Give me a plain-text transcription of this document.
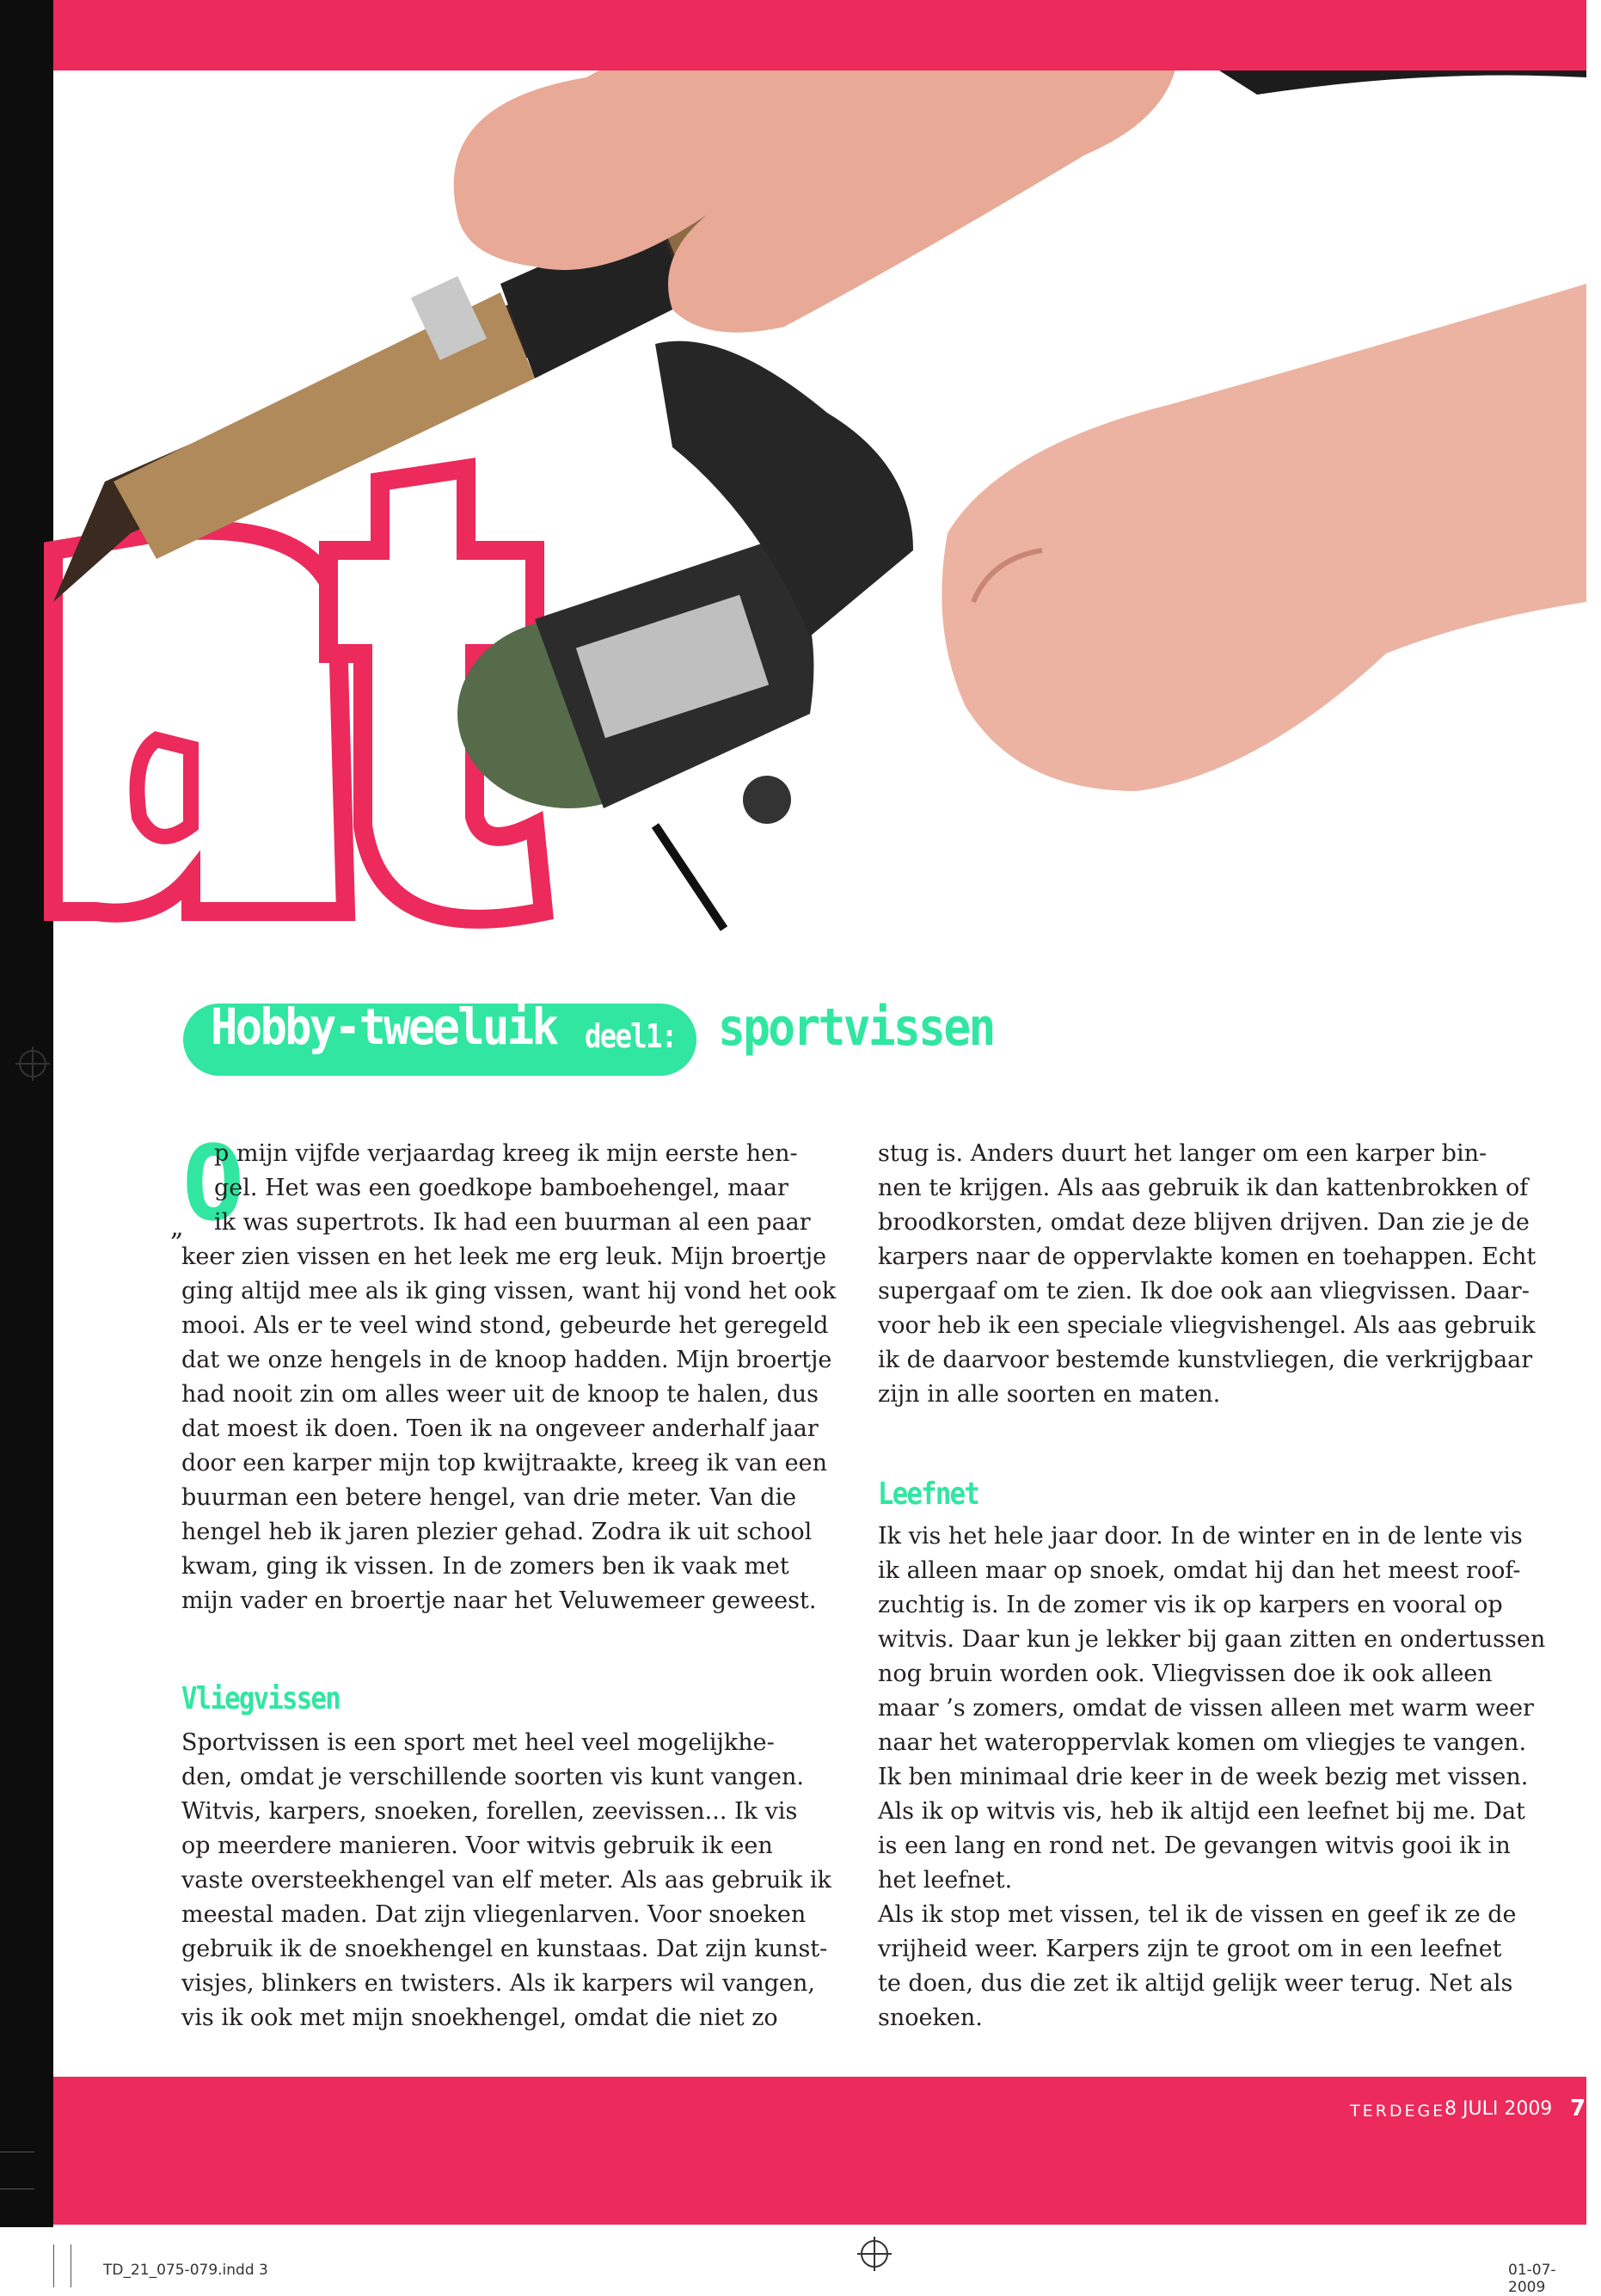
Hobby-tweeluik deel1: sportvissen
O
„
p mijn vijfde verjaardag kreeg ik mijn eerste hen-
gel. Het was een goedkope bamboehengel, maar
ik was supertrots. Ik had een buurman al een paar
keer zien vissen en het leek me erg leuk. Mijn broertje
ging altijd mee als ik ging vissen, want hij vond het ook
mooi. Als er te veel wind stond, gebeurde het geregeld
dat we onze hengels in de knoop hadden. Mijn broertje
had nooit zin om alles weer uit de knoop te halen, dus
dat moest ik doen. Toen ik na ongeveer anderhalf jaar
door een karper mijn top kwijtraakte, kreeg ik van een
buurman een betere hengel, van drie meter. Van die
hengel heb ik jaren plezier gehad. Zodra ik uit school
kwam, ging ik vissen. In de zomers ben ik vaak met
mijn vader en broertje naar het Veluwemeer geweest.
Vliegvissen
Sportvissen is een sport met heel veel mogelijkhe-
den, omdat je verschillende soorten vis kunt vangen.
Witvis, karpers, snoeken, forellen, zeevissen... Ik vis
op meerdere manieren. Voor witvis gebruik ik een
vaste oversteekhengel van elf meter. Als aas gebruik ik
meestal maden. Dat zijn vliegenlarven. Voor snoeken
gebruik ik de snoekhengel en kunstaas. Dat zijn kunst-
visjes, blinkers en twisters. Als ik karpers wil vangen,
vis ik ook met mijn snoekhengel, omdat die niet zo
stug is. Anders duurt het langer om een karper bin-
nen te krijgen. Als aas gebruik ik dan kattenbrokken of
broodkorsten, omdat deze blijven drijven. Dan zie je de
karpers naar de oppervlakte komen en toehappen. Echt
supergaaf om te zien. Ik doe ook aan vliegvissen. Daar-
voor heb ik een speciale vliegvishengel. Als aas gebruik
ik de daarvoor bestemde kunstvliegen, die verkrijgbaar
zijn in alle soorten en maten.
Leefnet
Ik vis het hele jaar door. In de winter en in de lente vis
ik alleen maar op snoek, omdat hij dan het meest roof-
zuchtig is. In de zomer vis ik op karpers en vooral op
witvis. Daar kun je lekker bij gaan zitten en ondertussen
nog bruin worden ook. Vliegvissen doe ik ook alleen
maar ’s zomers, omdat de vissen alleen met warm weer
naar het wateroppervlak komen om vliegjes te vangen.
Ik ben minimaal drie keer in de week bezig met vissen.
Als ik op witvis vis, heb ik altijd een leefnet bij me. Dat
is een lang en rond net. De gevangen witvis gooi ik in
het leefnet.
Als ik stop met vissen, tel ik de vissen en geef ik ze de
vrijheid weer. Karpers zijn te groot om in een leefnet
te doen, dus die zet ik altijd gelijk weer terug. Net als
snoeken.
TERDEGE
8 JULI 2009 77
TD_21_075-079.indd 3	01-07-2009
